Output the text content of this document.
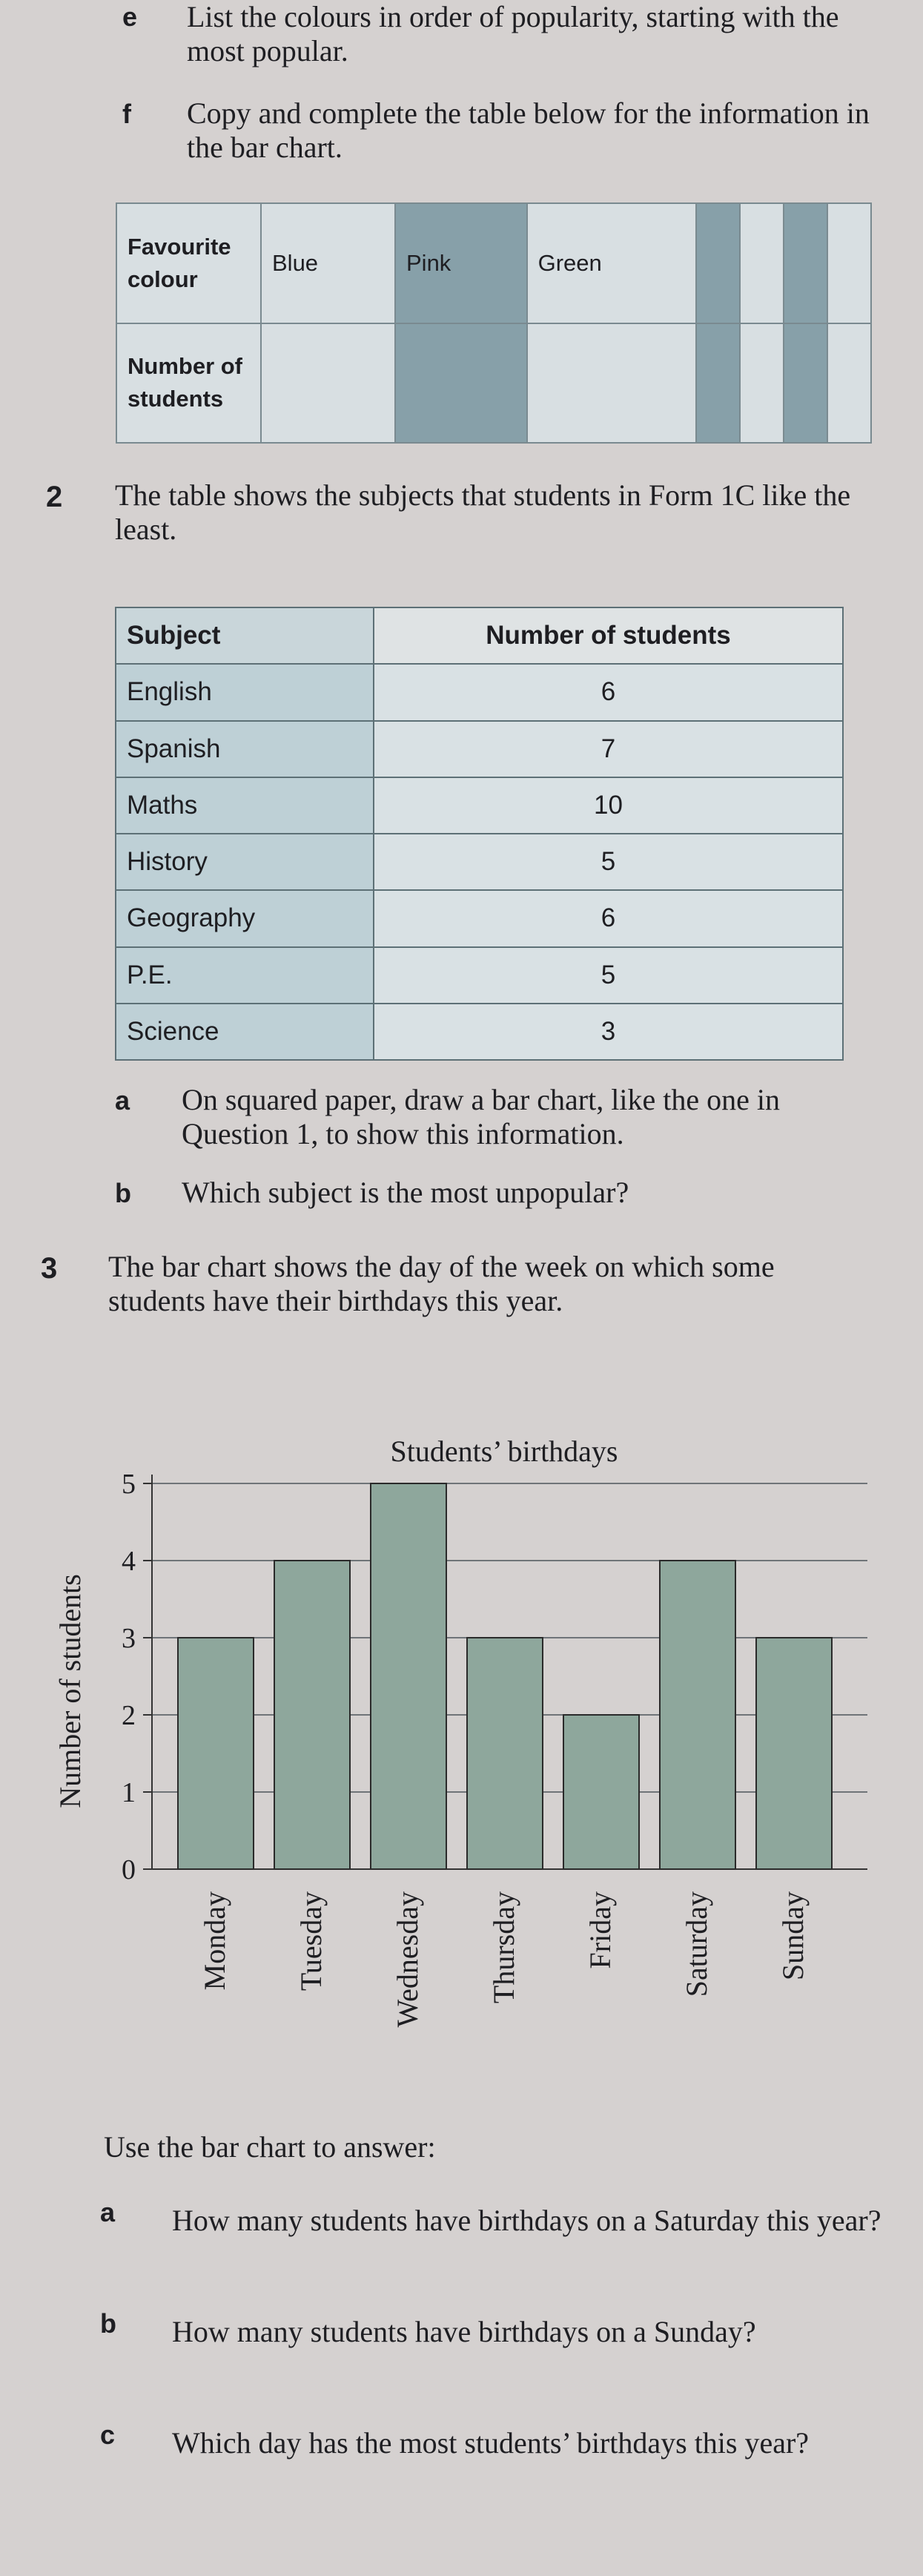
e List the colours in order of popularity, starting with the most popular.
f Copy and complete the table below for the information in the bar chart.
Favourite colour	Blue	Pink	Green				
Number of students							
2 The table shows the subjects that students in Form 1C like the least.
Subject	Number of students
English	6
Spanish	7
Maths	10
History	5
Geography	6
P.E.	5
Science	3
a On squared paper, draw a bar chart, like the one in Question 1, to show this information.
b Which subject is the most unpopular?
3 The bar chart shows the day of the week on which some students have their birthdays this year.
Students’ birthdays
0
1
2
3
4
5
Number of students
Monday Tuesday Wednesday Thursday Friday Saturday Sunday
Use the bar chart to answer:
a How many students have birthdays on a Saturday this year?
b How many students have birthdays on a Sunday?
c Which day has the most students’ birthdays this year?
